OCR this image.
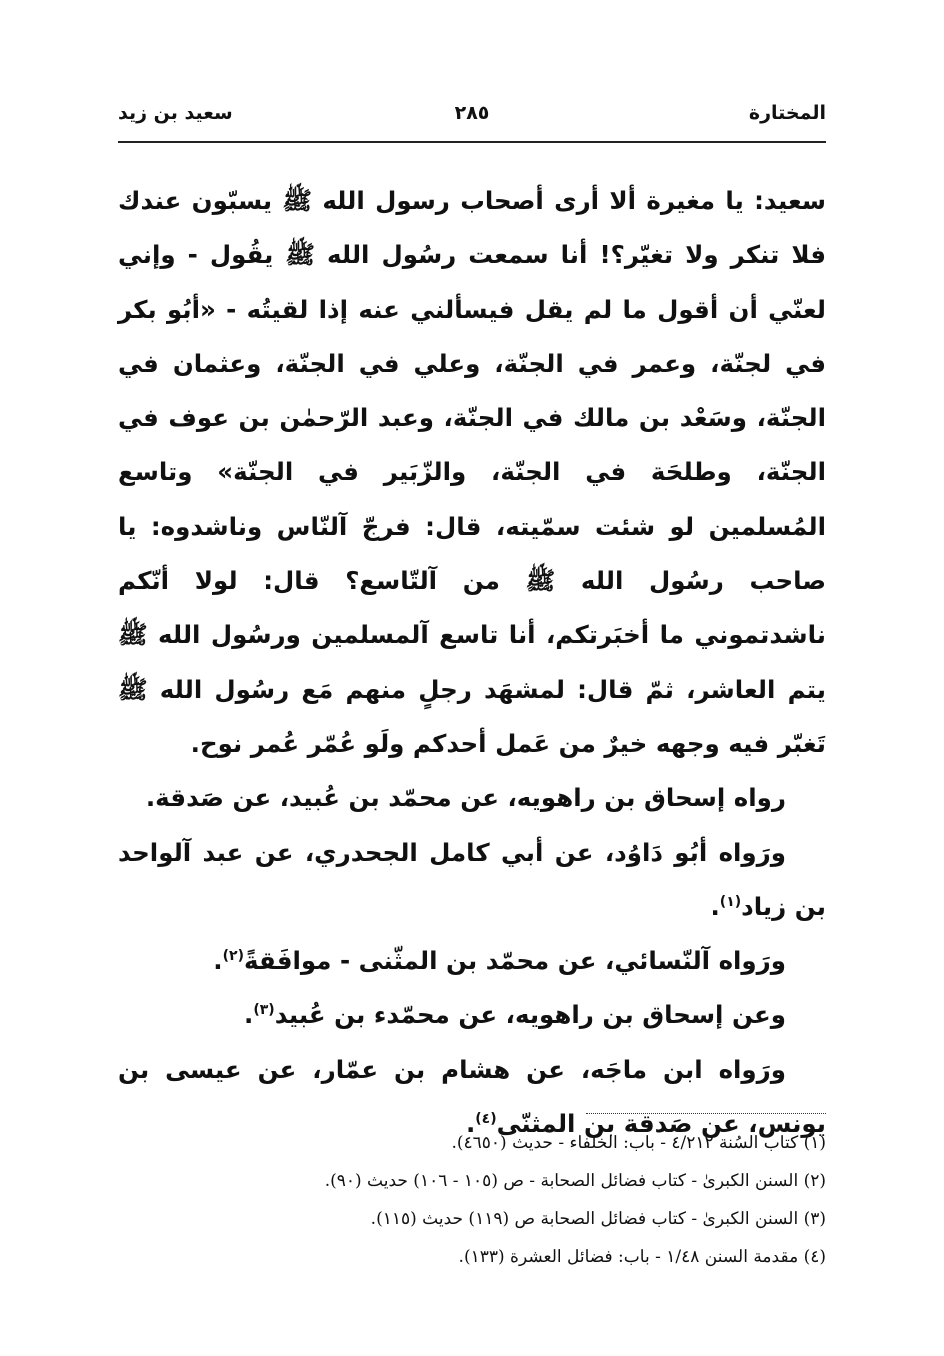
المختارة
٢٨٥
سعيد بن زيد

سعيد: يا مغيرة ألا أرى أصحاب رسول الله ﷺ يسبّون عندك فلا تنكر ولا تغيّر؟! أنا سمعت رسُول الله ﷺ يقُول - وإني لعنّي أن أقول ما لم يقل فيسألني عنه إذا لقيتُه - «أبُو بكر في لجنّة، وعمر في الجنّة، وعلي في الجنّة، وعثمان في الجنّة، وسَعْد بن مالك في الجنّة، وعبد الرّحمٰن بن عوف في الجنّة، وطلحَة في الجنّة، والزّبَير في الجنّة» وتاسع المُسلمين لو شئت سمّيته، قال: فرجّ آلنّاس وناشدوه: يا صاحب رسُول الله ﷺ من آلتّاسع؟ قال: لولا أنّكم ناشدتموني ما أخبَرتكم، أنا تاسع آلمسلمين ورسُول الله ﷺ يتم العاشر، ثمّ قال: لمشهَد رجلٍ منهم مَع رسُول الله ﷺ تَغبّر فيه وجهه خيرٌ من عَمل أحدكم ولَو عُمّر عُمر نوح.

رواه إسحاق بن راهويه، عن محمّد بن عُبيد، عن صَدقة.

ورَواه أبُو دَاوُد، عن أبي كامل الجحدري، عن عبد آلواحد بن زياد$^{(١)}$.

ورَواه آلنّسائي، عن محمّد بن المثّنى - موافَقةً$^{(٢)}$.

وعن إسحاق بن راهويه، عن محمّدء بن عُبيد$^{(٣)}$.

ورَواه ابن ماجَه، عن هشام بن عمّار، عن عيسى بن يونس، عن صَدقة بن المثنّى$^{(٤)}$.

(١) كتاب السُنة ٤/٢١٢ - باب: الخلفاء - حديث (٤٦٥٠).
(٢) السنن الكبرىٰ - كتاب فضائل الصحابة - ص (١٠٥ - ١٠٦) حديث (٩٠).
(٣) السنن الكبرىٰ - كتاب فضائل الصحابة ص (١١٩) حديث (١١٥).
(٤) مقدمة السنن ١/٤٨ - باب: فضائل العشرة (١٣٣).
